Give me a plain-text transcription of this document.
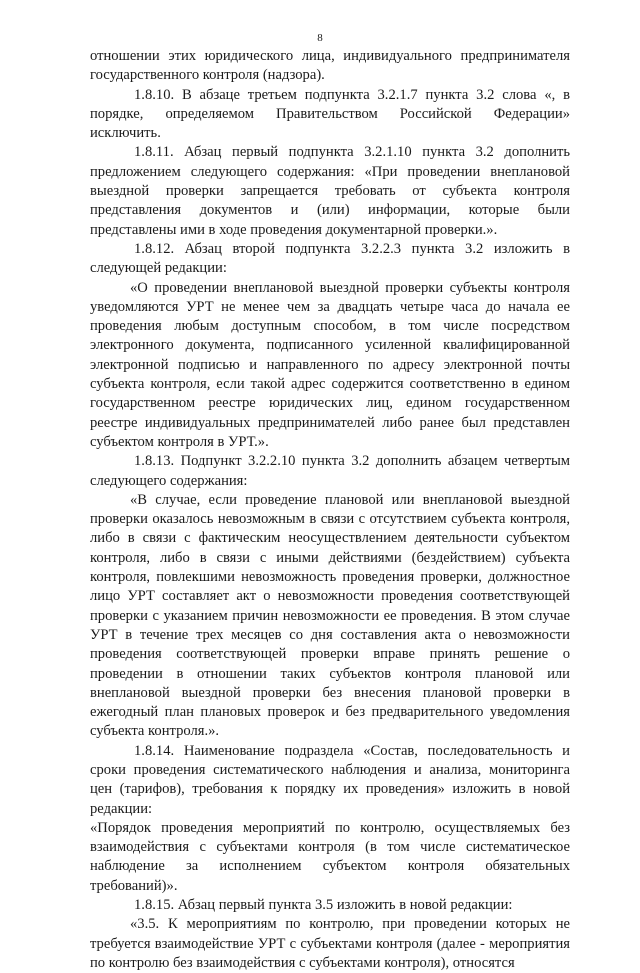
8

отношении этих юридического лица, индивидуального предпринимателя государственного контроля (надзора).

1.8.10. В абзаце третьем подпункта 3.2.1.7 пункта 3.2 слова «, в порядке, определяемом Правительством Российской Федерации» исключить.

1.8.11. Абзац первый подпункта 3.2.1.10 пункта 3.2 дополнить предложением следующего содержания: «При проведении внеплановой выездной проверки запрещается требовать от субъекта контроля представления документов и (или) информации, которые были представлены ими в ходе проведения документарной проверки.».

1.8.12. Абзац второй подпункта 3.2.2.3 пункта 3.2 изложить в следующей редакции:

«О проведении внеплановой выездной проверки субъекты контроля уведомляются УРТ не менее чем за двадцать четыре часа до начала ее проведения любым доступным способом, в том числе посредством электронного документа, подписанного усиленной квалифицированной электронной подписью и направленного по адресу электронной почты субъекта контроля, если такой адрес содержится соответственно в едином государственном реестре юридических лиц, едином государственном реестре индивидуальных предпринимателей либо ранее был представлен субъектом контроля в УРТ.».

1.8.13. Подпункт 3.2.2.10 пункта 3.2 дополнить абзацем четвертым следующего содержания:

«В случае, если проведение плановой или внеплановой выездной проверки оказалось невозможным в связи с отсутствием субъекта контроля, либо в связи с фактическим неосуществлением деятельности субъектом контроля, либо в связи с иными действиями (бездействием) субъекта контроля, повлекшими невозможность проведения проверки, должностное лицо УРТ составляет акт о невозможности проведения соответствующей проверки с указанием причин невозможности ее проведения. В этом случае УРТ в течение трех месяцев со дня составления акта о невозможности проведения соответствующей проверки вправе принять решение о проведении в отношении таких субъектов контроля плановой или внеплановой выездной проверки без внесения плановой проверки в ежегодный план плановых проверок и без предварительного уведомления субъекта контроля.».

1.8.14. Наименование подраздела «Состав, последовательность и сроки проведения систематического наблюдения и анализа, мониторинга цен (тарифов), требования к порядку их проведения» изложить в новой редакции:

«Порядок проведения мероприятий по контролю, осуществляемых без взаимодействия с субъектами контроля (в том числе систематическое наблюдение за исполнением субъектом контроля обязательных требований)».

1.8.15. Абзац первый пункта 3.5 изложить в новой редакции:

«3.5. К мероприятиям по контролю, при проведении которых не требуется взаимодействие УРТ с субъектами контроля (далее - мероприятия по контролю без взаимодействия с субъектами контроля), относятся
